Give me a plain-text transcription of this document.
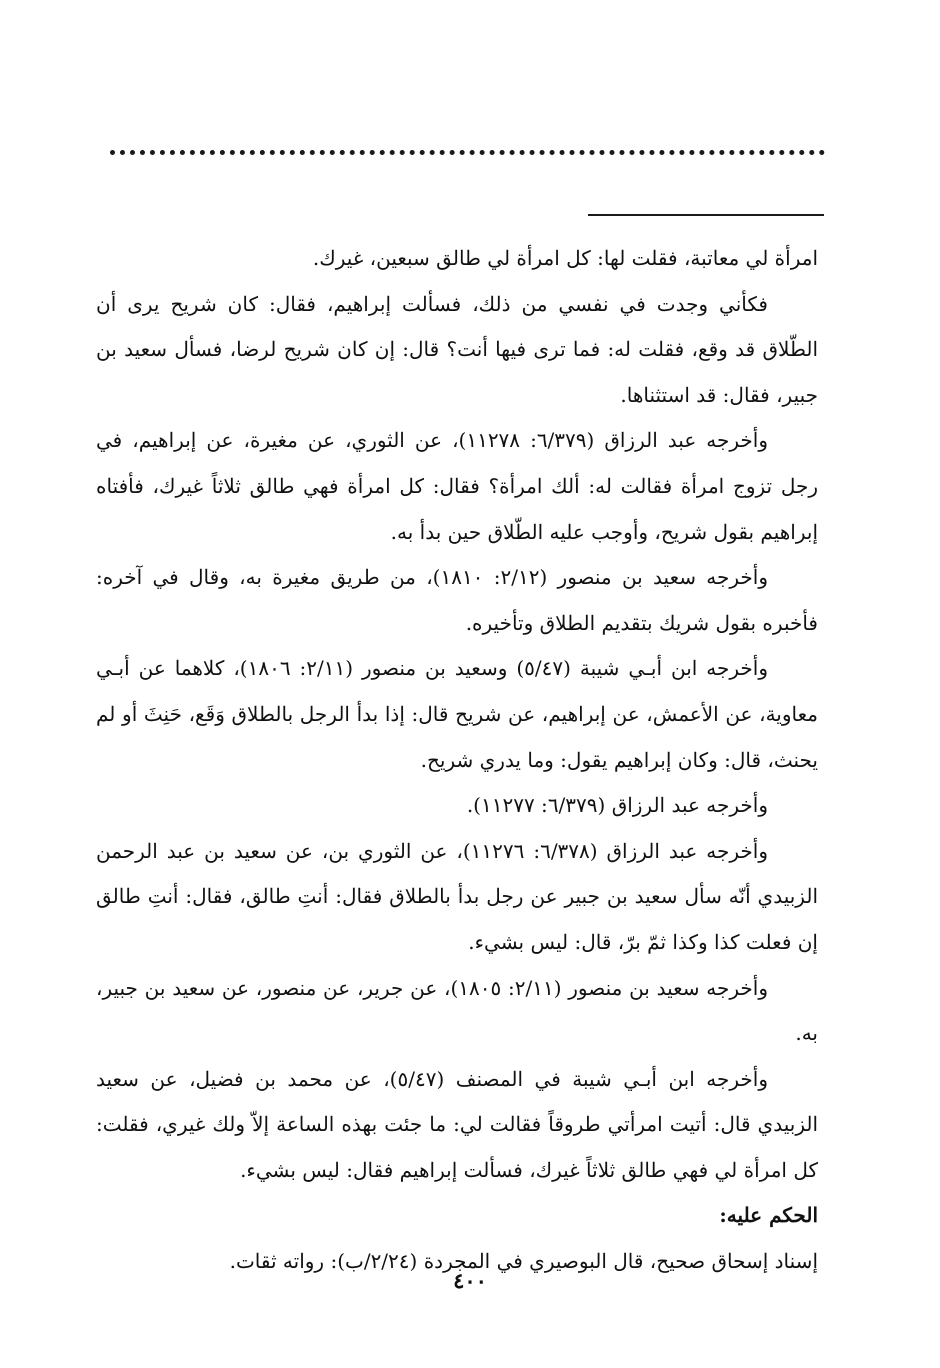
امرأة لي معاتبة، فقلت لها: كل امرأة لي طالق سبعين، غيرك.

فكأني وجدت في نفسي من ذلك، فسألت إبراهيم، فقال: كان شريح يرى أن الطّلاق قد وقع، فقلت له: فما ترى فيها أنت؟ قال: إن كان شريح لرضا، فسأل سعيد بن جبير، فقال: قد استثناها.

وأخرجه عبد الرزاق (٦/٣٧٩: ١١٢٧٨)، عن الثوري، عن مغيرة، عن إبراهيم، في رجل تزوج امرأة فقالت له: ألك امرأة؟ فقال: كل امرأة فهي طالق ثلاثاً غيرك، فأفتاه إبراهيم بقول شريح، وأوجب عليه الطّلاق حين بدأ به.

وأخرجه سعيد بن منصور (٢/١٢: ١٨١٠)، من طريق مغيرة به، وقال في آخره: فأخبره بقول شريك بتقديم الطلاق وتأخيره.

وأخرجه ابن أبـي شيبة (٥/٤٧) وسعيد بن منصور (٢/١١: ١٨٠٦)، كلاهما عن أبـي معاوية، عن الأعمش، عن إبراهيم، عن شريح قال: إذا بدأ الرجل بالطلاق وَقَع، حَنِثَ أو لم يحنث، قال: وكان إبراهيم يقول: وما يدري شريح.

وأخرجه عبد الرزاق (٦/٣٧٩: ١١٢٧٧).

وأخرجه عبد الرزاق (٦/٣٧٨: ١١٢٧٦)، عن الثوري بن، عن سعيد بن عبد الرحمن الزبيدي أنّه سأل سعيد بن جبير عن رجل بدأ بالطلاق فقال: أنتِ طالق، فقال: أنتِ طالق إن فعلت كذا وكذا ثمّ برّ، قال: ليس بشيء.

وأخرجه سعيد بن منصور (٢/١١: ١٨٠٥)، عن جرير، عن منصور، عن سعيد بن جبير، به.

وأخرجه ابن أبـي شيبة في المصنف (٥/٤٧)، عن محمد بن فضيل، عن سعيد الزبيدي قال: أتيت امرأتي طروقاً فقالت لي: ما جئت بهذه الساعة إلاّ ولك غيري، فقلت: كل امرأة لي فهي طالق ثلاثاً غيرك، فسألت إبراهيم فقال: ليس بشيء.

الحكم عليه:

إسناد إسحاق صحيح، قال البوصيري في المجردة (٢/٢٤/ب): رواته ثقات.

٤٠٠
